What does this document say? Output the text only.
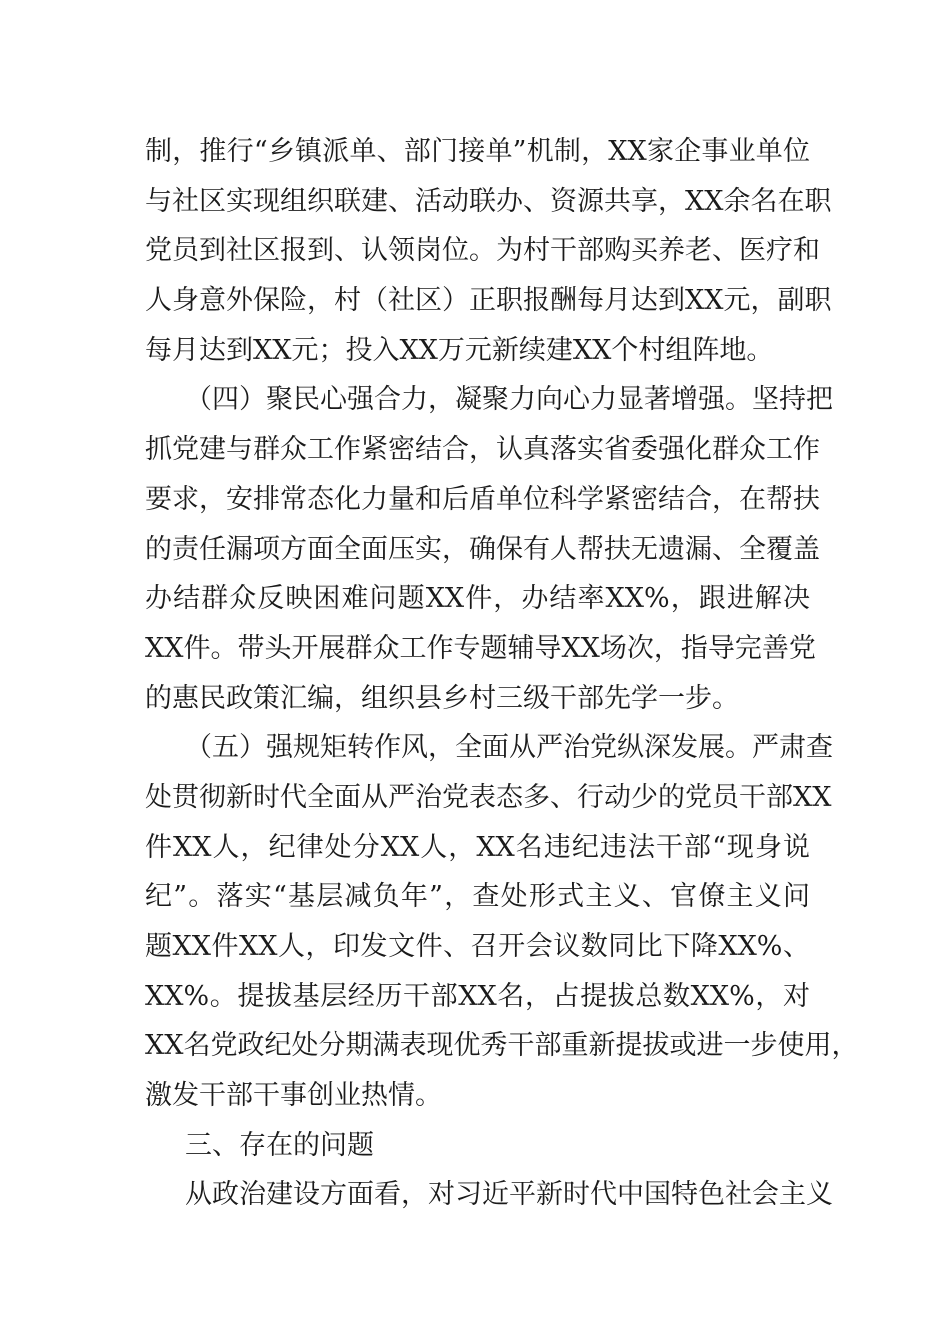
制，推行“乡镇派单、部门接单”机制，XX家企事业单位
与社区实现组织联建、活动联办、资源共享，XX余名在职
党员到社区报到、认领岗位。为村干部购买养老、医疗和
人身意外保险，村（社区）正职报酬每月达到XX元，副职
每月达到XX元；投入XX万元新续建XX个村组阵地。
（四）聚民心强合力，凝聚力向心力显著增强。坚持把
抓党建与群众工作紧密结合，认真落实省委强化群众工作
要求，安排常态化力量和后盾单位科学紧密结合，在帮扶
的责任漏项方面全面压实，确保有人帮扶无遗漏、全覆盖
办结群众反映困难问题XX件，办结率XX%，跟进解决
XX件。带头开展群众工作专题辅导XX场次，指导完善党
的惠民政策汇编，组织县乡村三级干部先学一步。
（五）强规矩转作风，全面从严治党纵深发展。严肃查
处贯彻新时代全面从严治党表态多、行动少的党员干部XX
件XX人，纪律处分XX人，XX名违纪违法干部“现身说
纪”。落实“基层减负年”，查处形式主义、官僚主义问
题XX件XX人，印发文件、召开会议数同比下降XX%、
XX%。提拔基层经历干部XX名，占提拔总数XX%，对
XX名党政纪处分期满表现优秀干部重新提拔或进一步使用，
激发干部干事创业热情。
三、存在的问题
从政治建设方面看，对习近平新时代中国特色社会主义
